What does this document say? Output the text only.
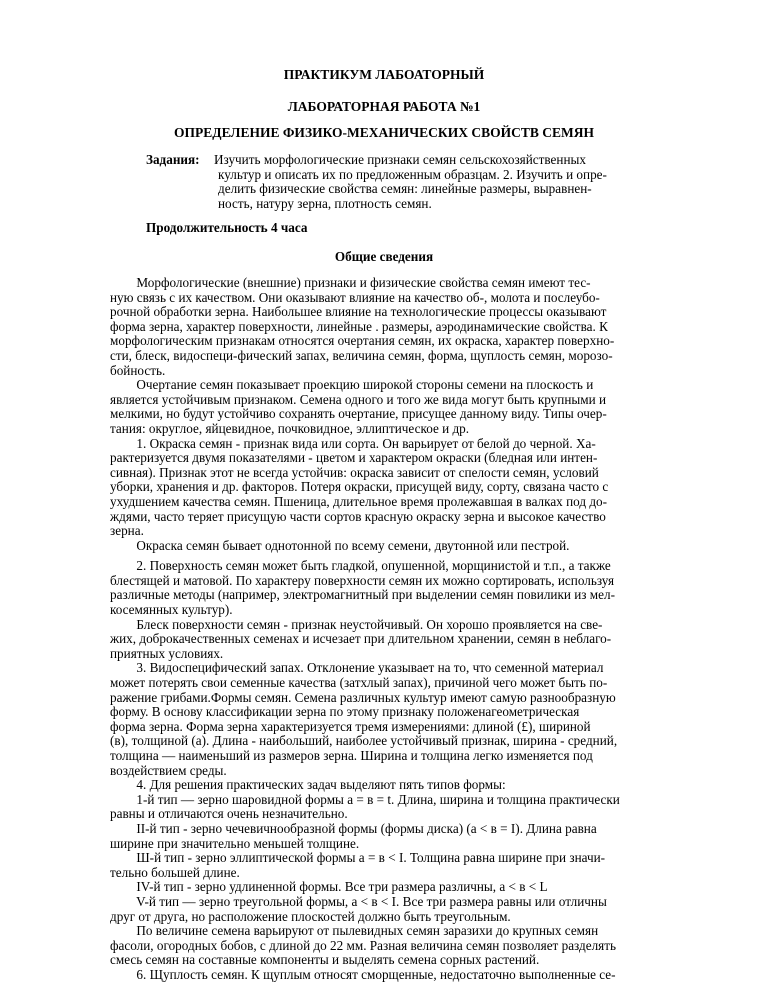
ПРАКТИКУМ ЛАБОАТОРНЫЙ
ЛАБОРАТОРНАЯ РАБОТА №1
ОПРЕДЕЛЕНИЕ ФИЗИКО-МЕХАНИЧЕСКИХ СВОЙСТВ СЕМЯН
Задания: Изучить морфологические признаки семян сельскохозяйственных
культур и описать их по предложенным образцам. 2. Изучить и опре-
делить физические свойства семян: линейные размеры, выравнен-
ность, натуру зерна, плотность семян.
Продолжительность 4 часа
Общие сведения
Морфологические (внешние) признаки и физические свойства семян имеют тес-
ную связь с их качеством. Они оказывают влияние на качество об-, молота и послеубо-
рочной обработки зерна. Наибольшее влияние на технологические процессы оказывают
форма зерна, характер поверхности, линейные . размеры, аэродинамические свойства. К
морфологическим признакам относятся очертания семян, их окраска, характер поверхно-
сти, блеск, видоспеци-фический запах, величина семян, форма, щуплость семян, морозо-
бойность.
Очертание семян показывает проекцию широкой стороны семени на плоскость и
является устойчивым признаком. Семена одного и того же вида могут быть крупными и
мелкими, но будут устойчиво сохранять очертание, присущее данному виду. Типы очер-
тания: округлое, яйцевидное, почковидное, эллиптическое и др.
1. Окраска семян - признак вида или сорта. Он варьирует от белой до черной. Ха-
рактеризуется двумя показателями - цветом и характером окраски (бледная или интен-
сивная). Признак этот не всегда устойчив: окраска зависит от спелости семян, условий
уборки, хранения и др. факторов. Потеря окраски, присущей виду, сорту, связана часто с
ухудшением качества семян. Пшеница, длительное время пролежавшая в валках под до-
ждями, часто теряет присущую части сортов красную окраску зерна и высокое качество
зерна.
Окраска семян бывает однотонной по всему семени, двутонной или пестрой.
2. Поверхность семян может быть гладкой, опушенной, морщинистой и т.п., а также
блестящей и матовой. По характеру поверхности семян их можно сортировать, используя
различные методы (например, электромагнитный при выделении семян повилики из мел-
косемянных культур).
Блеск поверхности семян - признак неустойчивый. Он хорошо проявляется на све-
жих, доброкачественных семенах и исчезает при длительном хранении, семян в неблаго-
приятных условиях.
3. Видоспецифический запах. Отклонение указывает на то, что семенной материал
может потерять свои семенные качества (затхлый запах), причиной чего может быть по-
ражение грибами.Формы семян. Семена различных культур имеют самую разнообразную
форму. В основу классификации зерна по этому признаку положенагеометрическая
форма зерна. Форма зерна характеризуется тремя измерениями: длиной (£), шириной
(в), толщиной (а). Длина - наибольший, наиболее устойчивый признак, ширина - средний,
толщина — наименьший из размеров зерна. Ширина и толщина легко изменяется под
воздействием среды.
4. Для решения практических задач выделяют пять типов формы:
1-й тип — зерно шаровидной формы а = в = t. Длина, ширина и толщина практически
равны и отличаются очень незначительно.
II-й тип - зерно чечевичнообразной формы (формы диска) (а < в = I). Длина равна
ширине при значительно меньшей толщине.
Ш-й тип - зерно эллиптической формы а = в < I. Толщина равна ширине при значи-
тельно большей длине.
IV-й тип - зерно удлиненной формы. Все три размера различны, а < в < L
V-й тип — зерно треугольной формы, а < в < I. Все три размера равны или отличны
друг от друга, но расположение плоскостей должно быть треугольным.
По величине семена варьируют от пылевидных семян заразихи до крупных семян
фасоли, огородных бобов, с длиной до 22 мм. Разная величина семян позволяет разделять
смесь семян на составные компоненты и выделять семена сорных растений.
6. Щуплость семян. К щуплым относят сморщенные, недостаточно выполненные се-
